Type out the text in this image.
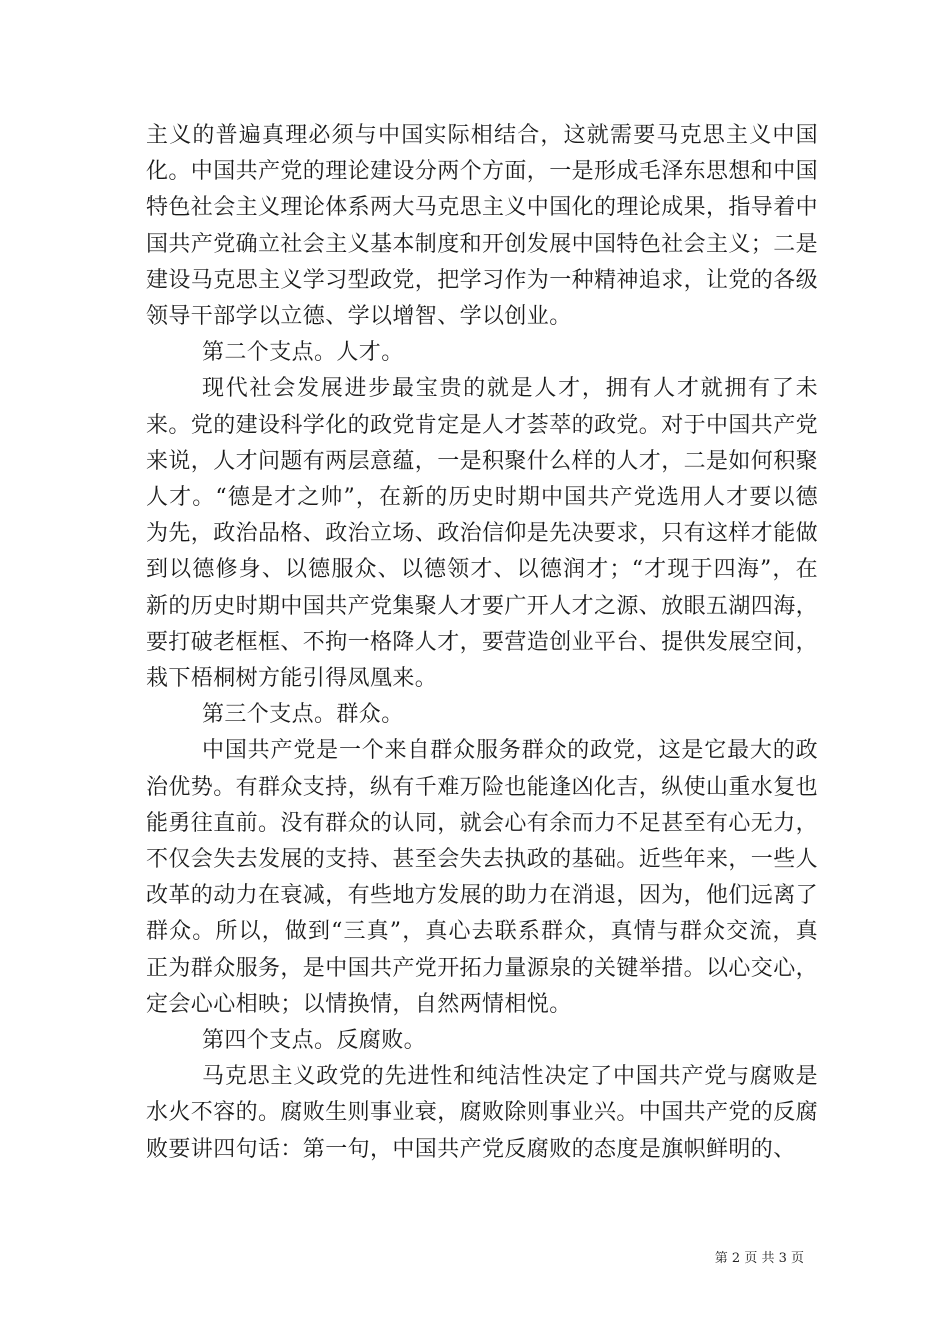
主义的普遍真理必须与中国实际相结合，这就需要马克思主义中国化。中国共产党的理论建设分两个方面，一是形成毛泽东思想和中国特色社会主义理论体系两大马克思主义中国化的理论成果，指导着中国共产党确立社会主义基本制度和开创发展中国特色社会主义；二是建设马克思主义学习型政党，把学习作为一种精神追求，让党的各级领导干部学以立德、学以增智、学以创业。

第二个支点。人才。

现代社会发展进步最宝贵的就是人才，拥有人才就拥有了未来。党的建设科学化的政党肯定是人才荟萃的政党。对于中国共产党来说，人才问题有两层意蕴，一是积聚什么样的人才，二是如何积聚人才。“德是才之帅”，在新的历史时期中国共产党选用人才要以德为先，政治品格、政治立场、政治信仰是先决要求，只有这样才能做到以德修身、以德服众、以德领才、以德润才；“才现于四海”，在新的历史时期中国共产党集聚人才要广开人才之源、放眼五湖四海，要打破老框框、不拘一格降人才，要营造创业平台、提供发展空间，栽下梧桐树方能引得凤凰来。

第三个支点。群众。

中国共产党是一个来自群众服务群众的政党，这是它最大的政治优势。有群众支持，纵有千难万险也能逢凶化吉，纵使山重水复也能勇往直前。没有群众的认同，就会心有余而力不足甚至有心无力，不仅会失去发展的支持、甚至会失去执政的基础。近些年来，一些人改革的动力在衰减，有些地方发展的助力在消退，因为，他们远离了群众。所以，做到“三真”，真心去联系群众，真情与群众交流，真正为群众服务，是中国共产党开拓力量源泉的关键举措。以心交心，定会心心相映；以情换情，自然两情相悦。

第四个支点。反腐败。

马克思主义政党的先进性和纯洁性决定了中国共产党与腐败是水火不容的。腐败生则事业衰，腐败除则事业兴。中国共产党的反腐败要讲四句话：第一句，中国共产党反腐败的态度是旗帜鲜明的、

第 2 页 共 3 页
